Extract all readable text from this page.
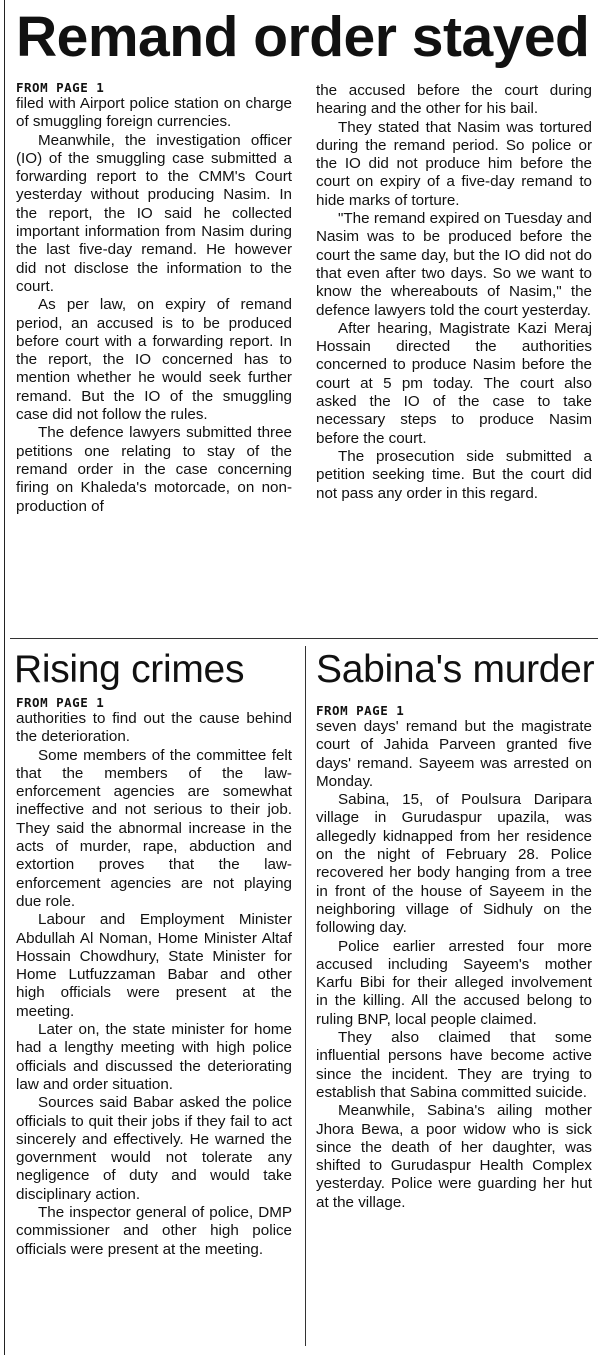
Remand order stayed
FROM PAGE 1

filed with Airport police station on charge of smuggling foreign currencies.

Meanwhile, the investigation officer (IO) of the smuggling case submitted a forwarding report to the CMM's Court yesterday without producing Nasim. In the report, the IO said he collected important information from Nasim during the last five-day remand. He however did not disclose the information to the court.

As per law, on expiry of remand period, an accused is to be produced before court with a forwarding report. In the report, the IO concerned has to mention whether he would seek further remand. But the IO of the smuggling case did not follow the rules.

The defence lawyers submitted three petitions one relating to stay of the remand order in the case concerning firing on Khaleda's motorcade, on non-production of

the accused before the court during hearing and the other for his bail.

They stated that Nasim was tortured during the remand period. So police or the IO did not produce him before the court on expiry of a five-day remand to hide marks of torture.

"The remand expired on Tuesday and Nasim was to be produced before the court the same day, but the IO did not do that even after two days. So we want to know the whereabouts of Nasim," the defence lawyers told the court yesterday.

After hearing, Magistrate Kazi Meraj Hossain directed the authorities concerned to produce Nasim before the court at 5 pm today. The court also asked the IO of the case to take necessary steps to produce Nasim before the court.

The prosecution side submitted a petition seeking time. But the court did not pass any order in this regard.

Rising crimes Sabina's murder
FROM PAGE 1

authorities to find out the cause behind the deterioration.

Some members of the committee felt that the members of the law-enforcement agencies are somewhat ineffective and not serious to their job. They said the abnormal increase in the acts of murder, rape, abduction and extortion proves that the law-enforcement agencies are not playing due role.

Labour and Employment Minister Abdullah Al Noman, Home Minister Altaf Hossain Chowdhury, State Minister for Home Lutfuzzaman Babar and other high officials were present at the meeting.

Later on, the state minister for home had a lengthy meeting with high police officials and discussed the deteriorating law and order situation.

Sources said Babar asked the police officials to quit their jobs if they fail to act sincerely and effectively. He warned the government would not tolerate any negligence of duty and would take disciplinary action.

The inspector general of police, DMP commissioner and other high police officials were present at the meeting.

FROM PAGE 1

seven days' remand but the magistrate court of Jahida Parveen granted five days' remand. Sayeem was arrested on Monday.

Sabina, 15, of Poulsura Daripara village in Gurudaspur upazila, was allegedly kidnapped from her residence on the night of February 28. Police recovered her body hanging from a tree in front of the house of Sayeem in the neighboring village of Sidhuly on the following day.

Police earlier arrested four more accused including Sayeem's mother Karfu Bibi for their alleged involvement in the killing. All the accused belong to ruling BNP, local people claimed.

They also claimed that some influential persons have become active since the incident. They are trying to establish that Sabina committed suicide.

Meanwhile, Sabina's ailing mother Jhora Bewa, a poor widow who is sick since the death of her daughter, was shifted to Gurudaspur Health Complex yesterday. Police were guarding her hut at the village.
